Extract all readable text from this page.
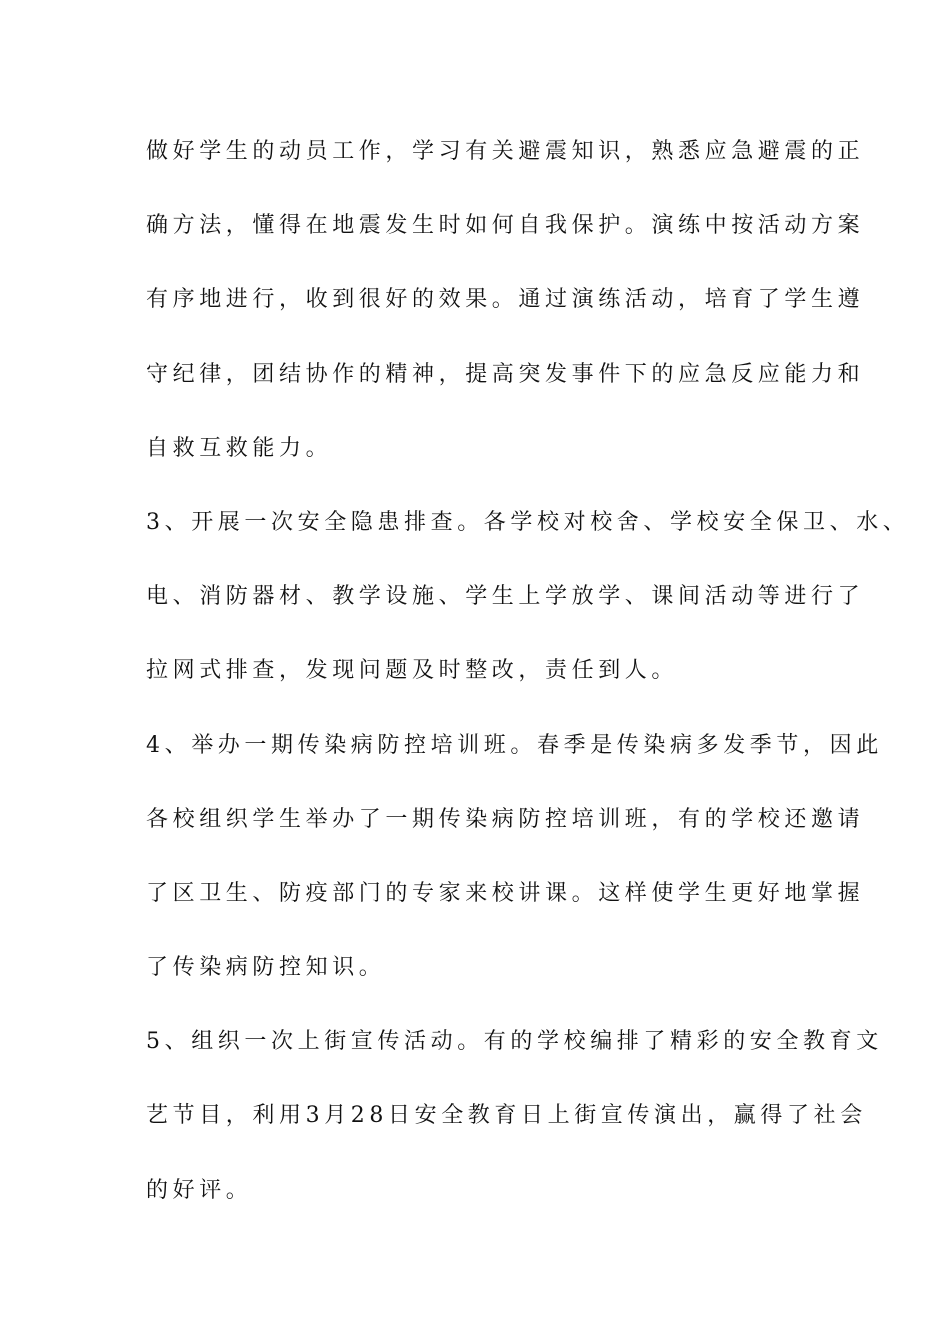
做好学生的动员工作，学习有关避震知识，熟悉应急避震的正

确方法，懂得在地震发生时如何自我保护。演练中按活动方案

有序地进行，收到很好的效果。通过演练活动，培育了学生遵

守纪律，团结协作的精神，提高突发事件下的应急反应能力和

自救互救能力。

3、开展一次安全隐患排查。各学校对校舍、学校安全保卫、水、

电、消防器材、教学设施、学生上学放学、课间活动等进行了

拉网式排查，发现问题及时整改，责任到人。

4、举办一期传染病防控培训班。春季是传染病多发季节，因此

各校组织学生举办了一期传染病防控培训班，有的学校还邀请

了区卫生、防疫部门的专家来校讲课。这样使学生更好地掌握

了传染病防控知识。

5、组织一次上街宣传活动。有的学校编排了精彩的安全教育文

艺节目，利用3月28日安全教育日上街宣传演出，赢得了社会

的好评。
